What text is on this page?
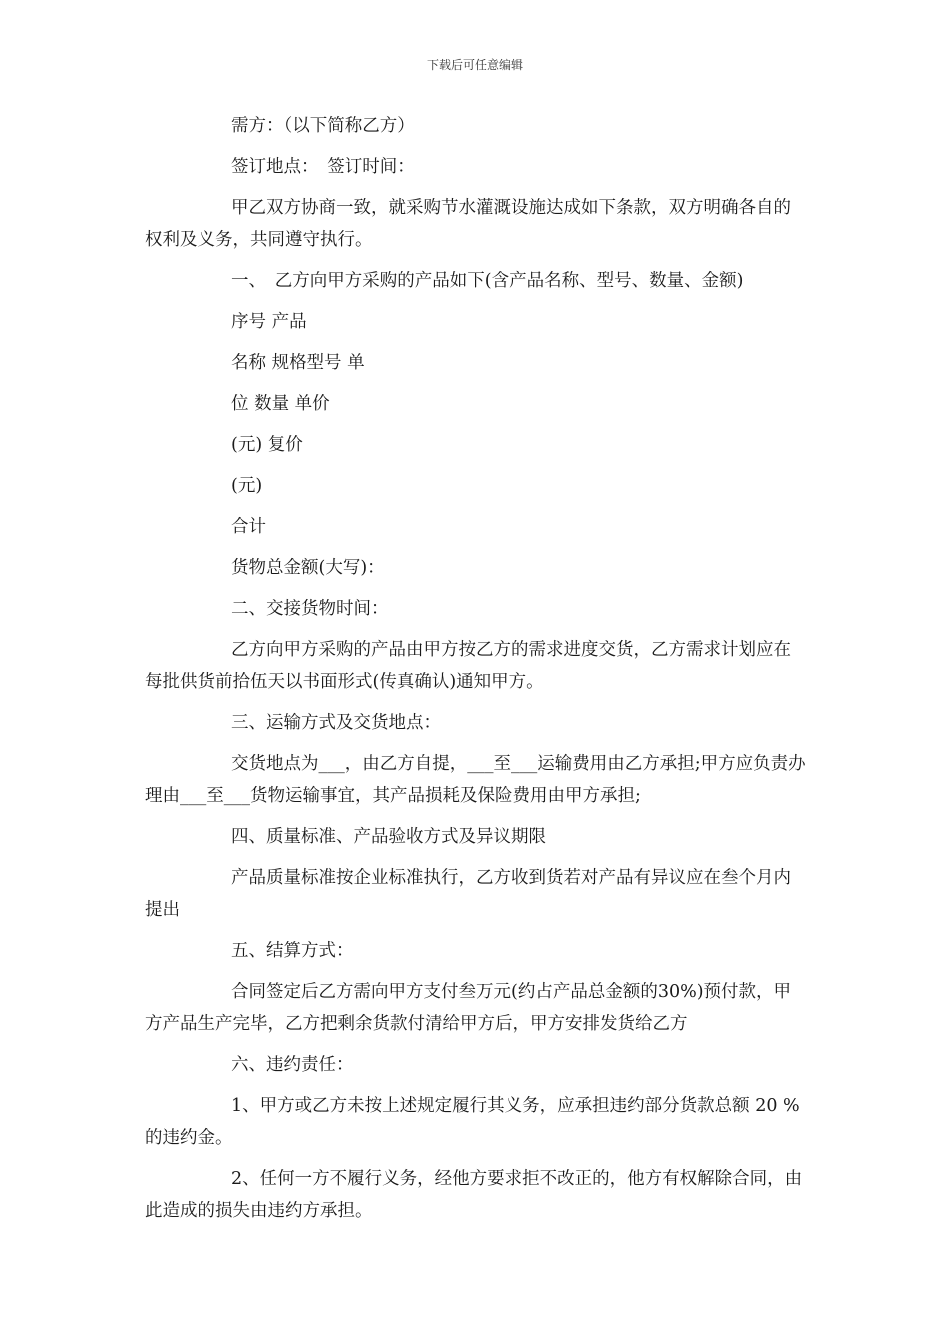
下载后可任意编辑

需方：（以下简称乙方）

签订地点：　签订时间：

甲乙双方协商一致，就采购节水灌溉设施达成如下条款，双方明确各自的权利及义务，共同遵守执行。

一、　乙方向甲方采购的产品如下(含产品名称、型号、数量、金额)

序号 产品

名称 规格型号 单

位 数量 单价

(元) 复价

(元)

合计

货物总金额(大写)：

二、交接货物时间：

乙方向甲方采购的产品由甲方按乙方的需求进度交货，乙方需求计划应在每批供货前拾伍天以书面形式(传真确认)通知甲方。

三、运输方式及交货地点：

交货地点为___，由乙方自提，___至___运输费用由乙方承担;甲方应负责办理由___至___货物运输事宜，其产品损耗及保险费用由甲方承担;

四、质量标准、产品验收方式及异议期限

产品质量标准按企业标准执行，乙方收到货若对产品有异议应在叁个月内提出

五、结算方式：

合同签定后乙方需向甲方支付叁万元(约占产品总金额的30%)预付款，甲方产品生产完毕，乙方把剩余货款付清给甲方后，甲方安排发货给乙方

六、违约责任：

1、甲方或乙方未按上述规定履行其义务，应承担违约部分货款总额 20 %的违约金。

2、任何一方不履行义务，经他方要求拒不改正的，他方有权解除合同，由此造成的损失由违约方承担。
